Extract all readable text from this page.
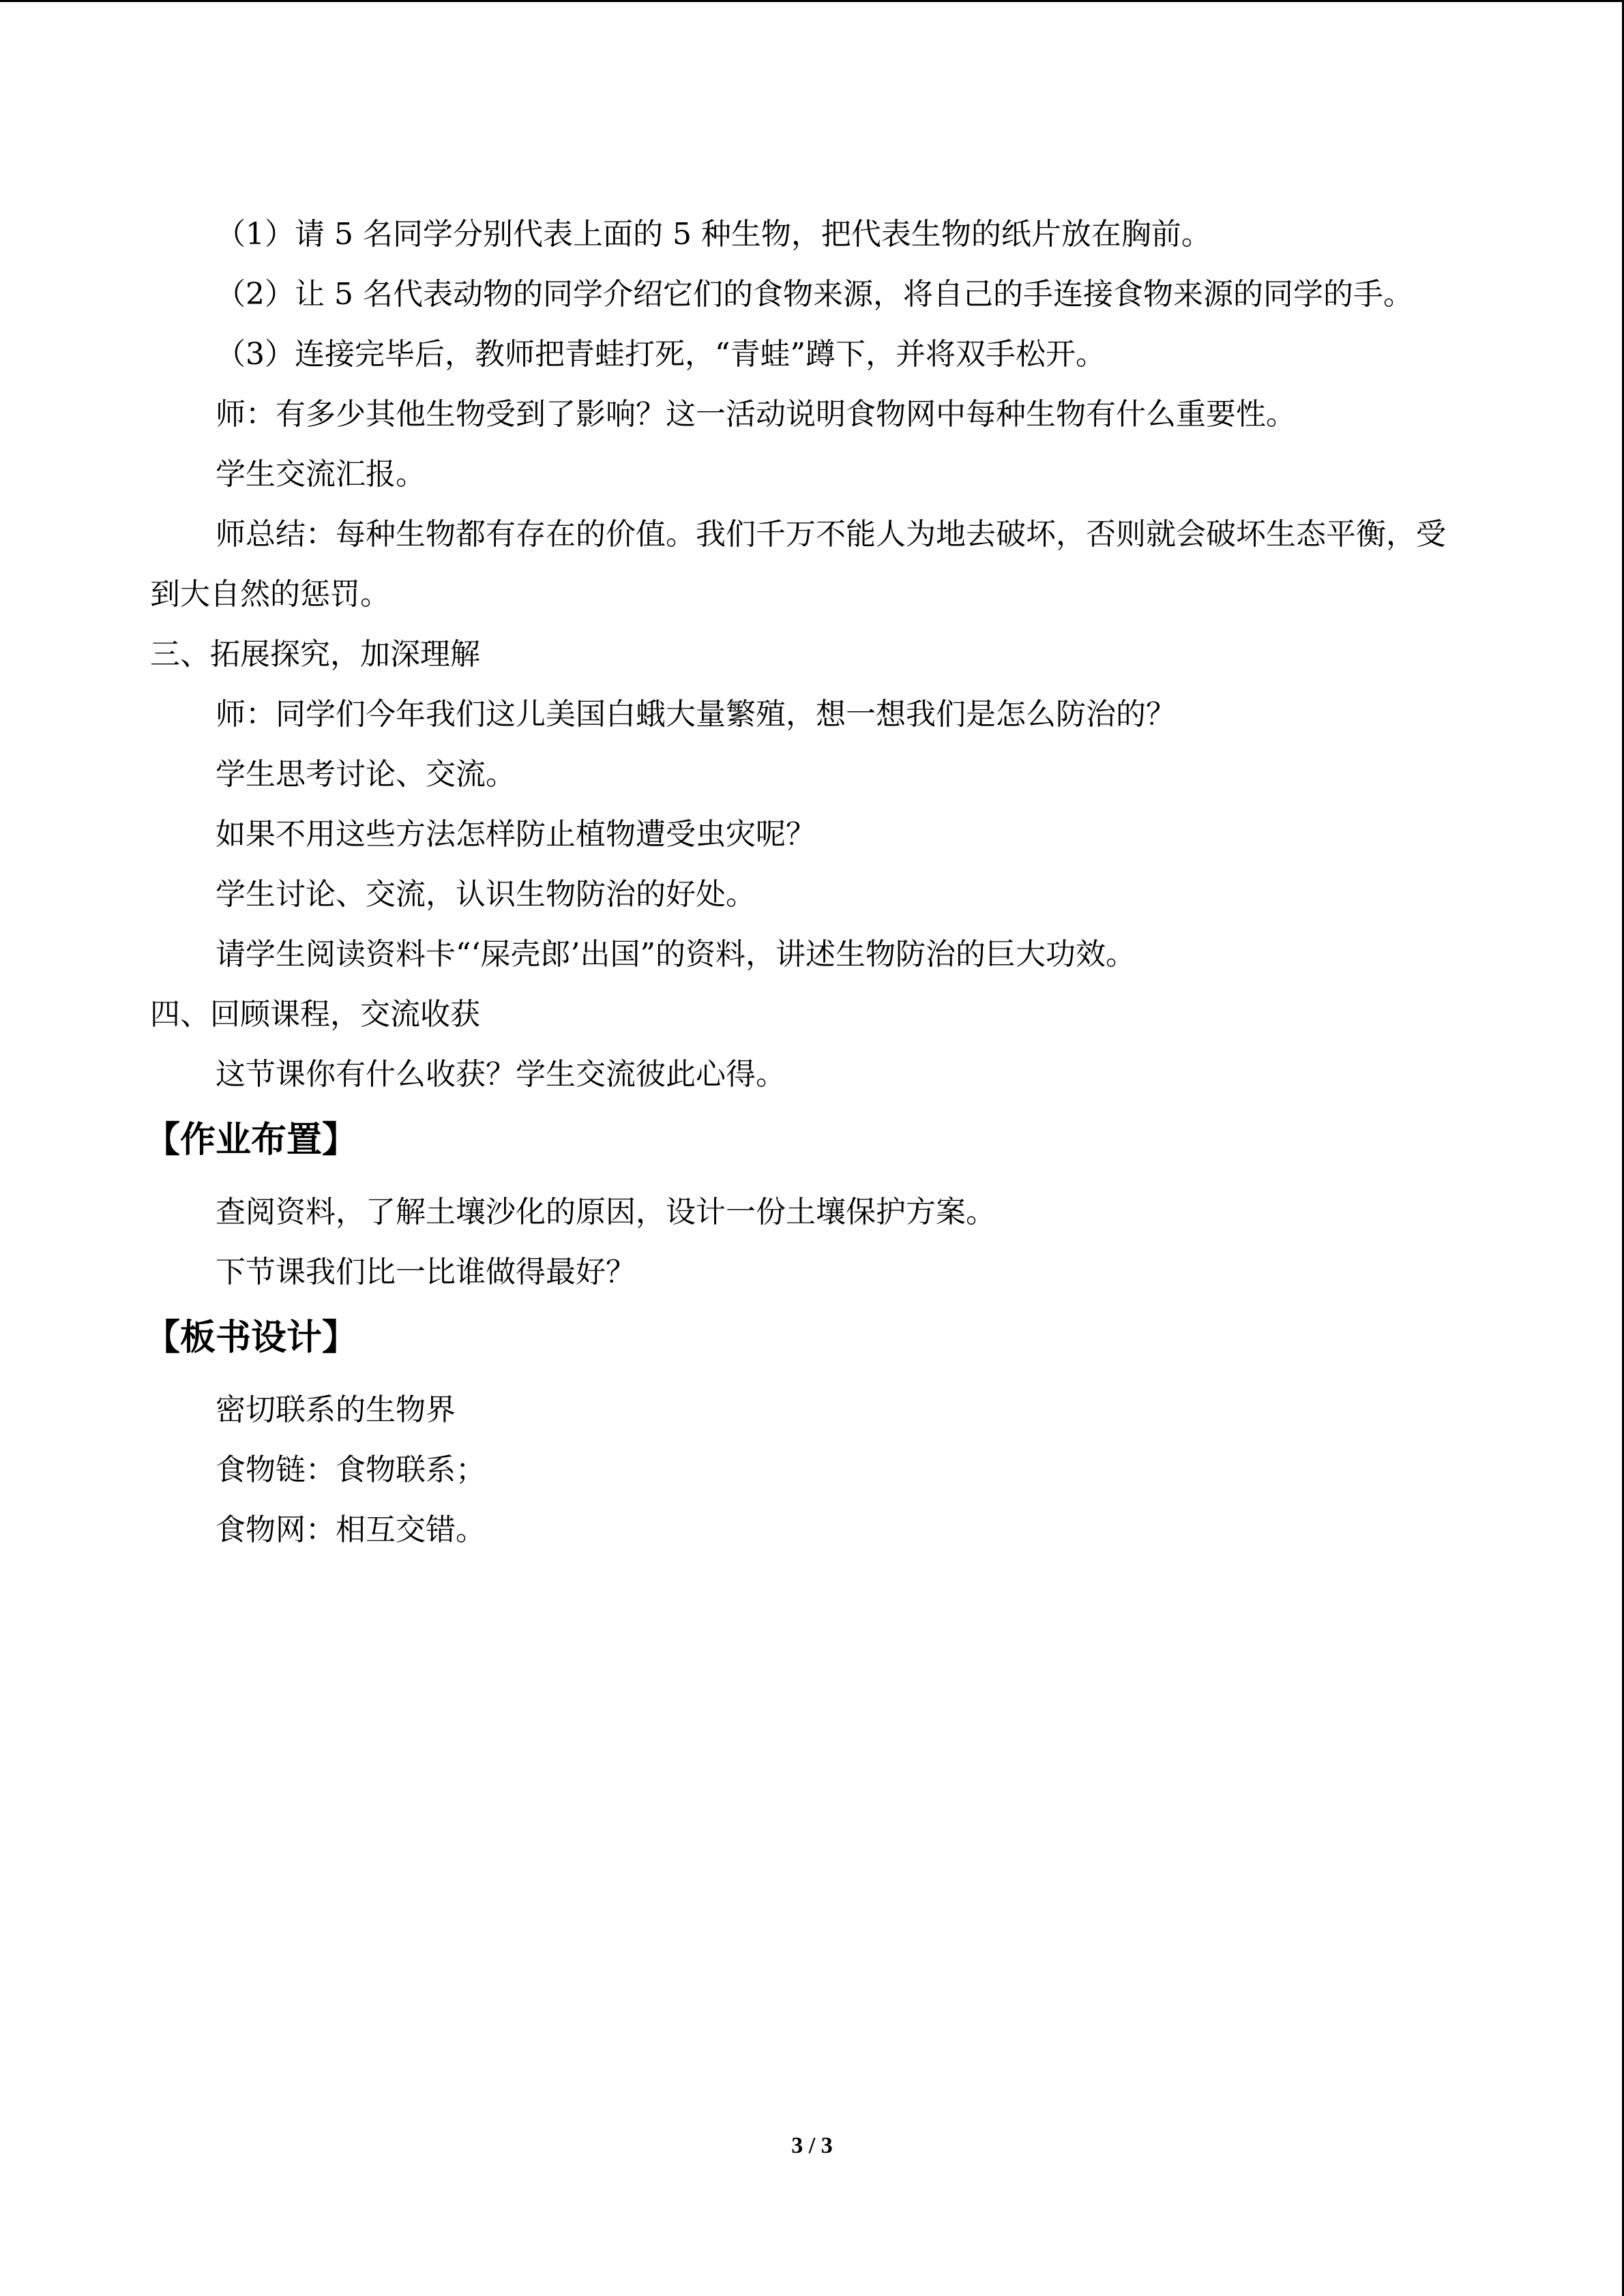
（1）请 5 名同学分别代表上面的 5 种生物，把代表生物的纸片放在胸前。

（2）让 5 名代表动物的同学介绍它们的食物来源，将自己的手连接食物来源的同学的手。

（3）连接完毕后，教师把青蛙打死，“青蛙”蹲下，并将双手松开。

师：有多少其他生物受到了影响？这一活动说明食物网中每种生物有什么重要性。

学生交流汇报。

师总结：每种生物都有存在的价值。我们千万不能人为地去破坏，否则就会破坏生态平衡，受到大自然的惩罚。

三、拓展探究，加深理解

师：同学们今年我们这儿美国白蛾大量繁殖，想一想我们是怎么防治的？

学生思考讨论、交流。

如果不用这些方法怎样防止植物遭受虫灾呢？

学生讨论、交流，认识生物防治的好处。

请学生阅读资料卡“‘屎壳郎’出国”的资料，讲述生物防治的巨大功效。

四、回顾课程，交流收获

这节课你有什么收获？学生交流彼此心得。

【作业布置】

查阅资料，了解土壤沙化的原因，设计一份土壤保护方案。

下节课我们比一比谁做得最好？

【板书设计】

密切联系的生物界

食物链：食物联系；

食物网：相互交错。

3 / 3
